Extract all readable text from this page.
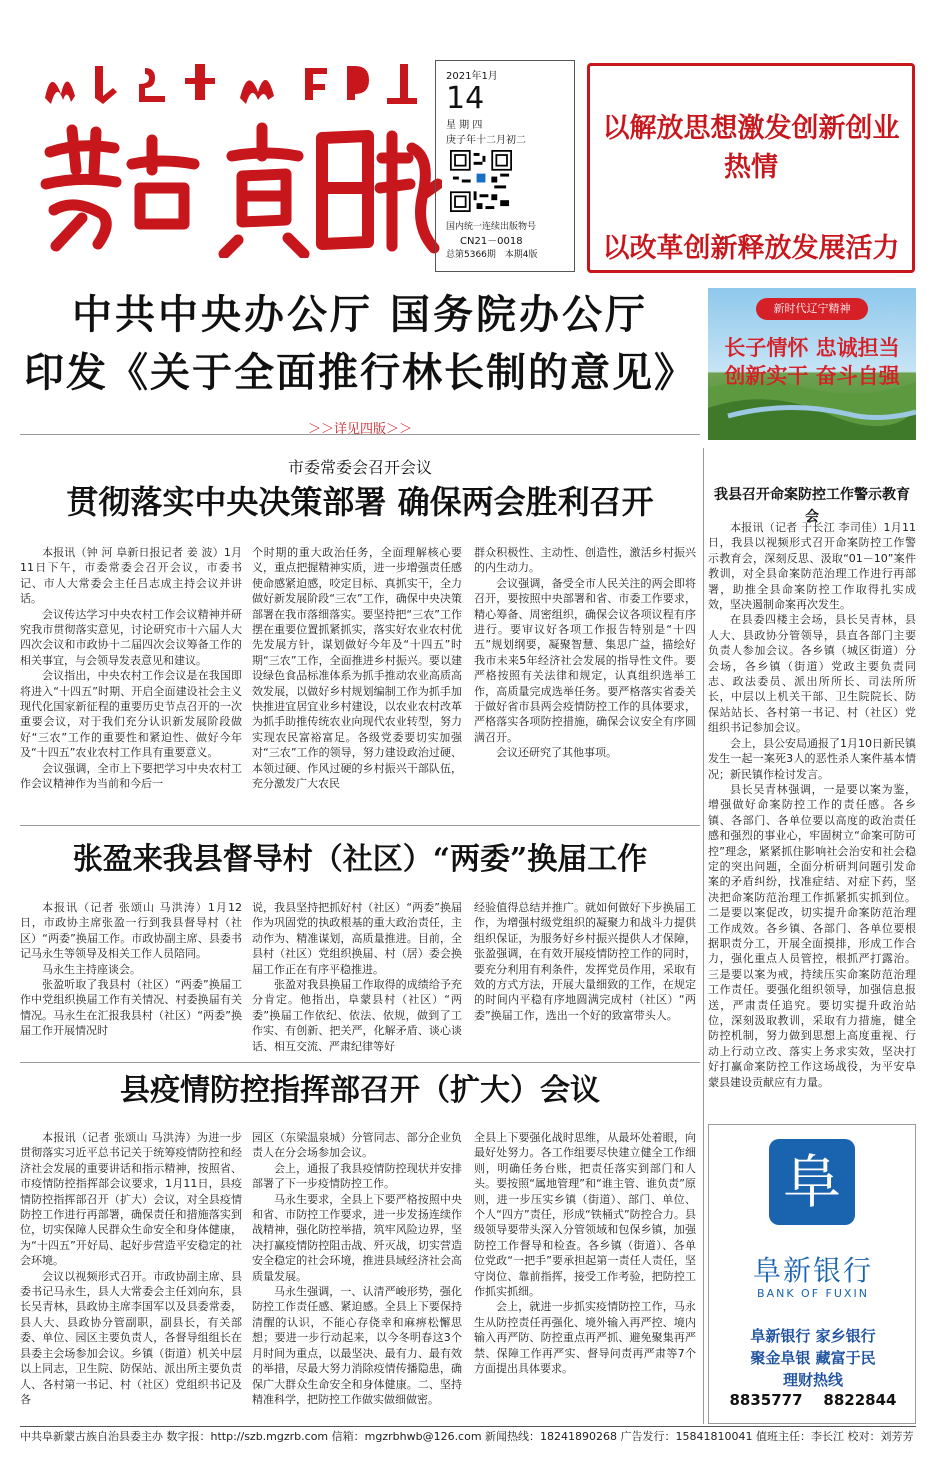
2021年1月
14
星 期 四
庚子年十二月初二
国内统一连续出版物号
CN21－0018
总第5366期 本期4版
以解放思想激发创新创业热情
以改革创新释放发展活力
中共中央办公厅 国务院办公厅
印发《关于全面推行林长制的意见》
＞＞详见四版＞＞
新时代辽宁精神
长子情怀 忠诚担当
创新实干 奋斗自强
市委常委会召开会议
贯彻落实中央决策部署 确保两会胜利召开

本报讯（钟 河 阜新日报记者 姜 波）1月11日下午，市委常委会召开会议，市委书记、市人大常委会主任吕志成主持会议并讲话。

会议传达学习中央农村工作会议精神并研究我市贯彻落实意见，讨论研究市十六届人大四次会议和市政协十二届四次会议筹备工作的相关事宜，与会领导发表意见和建议。

会议指出，中央农村工作会议是在我国即将进入“十四五”时期、开启全面建设社会主义现代化国家新征程的重要历史节点召开的一次重要会议，对于我们充分认识新发展阶段做好“三农”工作的重要性和紧迫性、做好今年及“十四五”农业农村工作具有重要意义。

会议强调，全市上下要把学习中央农村工作会议精神作为当前和今后一

个时期的重大政治任务，全面理解核心要义，重点把握精神实质，进一步增强责任感使命感紧迫感，咬定目标、真抓实干，全力做好新发展阶段“三农”工作，确保中央决策部署在我市落细落实。要坚持把“三农”工作摆在重要位置抓紧抓实，落实好农业农村优先发展方针，谋划做好今年及“十四五”时期“三农”工作，全面推进乡村振兴。要以建设绿色食品标准体系为抓手推动农业高质高效发展，以做好乡村规划编制工作为抓手加快推进宜居宜业乡村建设，以农业农村改革为抓手助推传统农业向现代农业转型，努力实现农民富裕富足。各级党委要切实加强对“三农”工作的领导，努力建设政治过硬、本领过硬、作风过硬的乡村振兴干部队伍，充分激发广大农民

群众积极性、主动性、创造性，激活乡村振兴的内生动力。

会议强调，备受全市人民关注的两会即将召开，要按照中央部署和省、市委工作要求，精心筹备、周密组织，确保会议各项议程有序进行。要审议好各项工作报告特别是“十四五”规划纲要，凝聚智慧、集思广益，描绘好我市未来5年经济社会发展的指导性文件。要严格按照有关法律和规定，认真组织选举工作，高质量完成选举任务。要严格落实省委关于做好省市县两会疫情防控工作的具体要求，严格落实各项防控措施，确保会议安全有序圆满召开。

会议还研究了其他事项。

张盈来我县督导村（社区）“两委”换届工作

本报讯（记者 张颂山 马洪涛）1月12日，市政协主席张盈一行到我县督导村（社区）“两委”换届工作。市政协副主席、县委书记马永生等领导及相关工作人员陪同。

马永生主持座谈会。

张盈听取了我县村（社区）“两委”换届工作中党组织换届工作有关情况、村委换届有关情况。马永生在汇报我县村（社区）“两委”换届工作开展情况时

说，我县坚持把抓好村（社区）“两委”换届作为巩固党的执政根基的重大政治责任，主动作为、精准谋划，高质量推进。目前，全县村（社区）党组织换届、村（居）委会换届工作正在有序平稳推进。

张盈对我县换届工作取得的成绩给予充分肯定。他指出，阜蒙县村（社区）“两委”换届工作依纪、依法、依规，做到了工作实、有创新、把关严，化解矛盾、谈心谈话、相互交流、严肃纪律等好

经验值得总结并推广。就如何做好下步换届工作，为增强村级党组织的凝聚力和战斗力提供组织保证，为服务好乡村振兴提供人才保障，张盈强调，在有效开展疫情防控工作的同时，要充分利用有利条件，发挥党员作用，采取有效的方式方法，开展大量细致的工作，在规定的时间内平稳有序地圆满完成村（社区）“两委”换届工作，选出一个好的致富带头人。

县疫情防控指挥部召开（扩大）会议

本报讯（记者 张颂山 马洪涛）为进一步贯彻落实习近平总书记关于统筹疫情防控和经济社会发展的重要讲话和指示精神，按照省、市疫情防控指挥部会议要求，1月11日，县疫情防控指挥部召开（扩大）会议，对全县疫情防控工作进行再部署，确保责任和措施落实到位，切实保障人民群众生命安全和身体健康，为“十四五”开好局、起好步营造平安稳定的社会环境。

会议以视频形式召开。市政协副主席、县委书记马永生，县人大常委会主任刘向东，县长吴青林，县政协主席李国军以及县委常委，县人大、县政协分管副职，副县长，有关部委、单位、园区主要负责人，各督导组组长在县委主会场参加会议。乡镇（街道）机关中层以上同志，卫生院、防保站、派出所主要负责人、各村第一书记、村（社区）党组织书记及各

园区（东梁温泉城）分管同志、部分企业负责人在分会场参加会议。

会上，通报了我县疫情防控现状并安排部署了下一步疫情防控工作。

马永生要求，全县上下要严格按照中央和省、市防控工作要求，进一步发扬连续作战精神，强化防控举措，筑牢风险边界，坚决打赢疫情防控阻击战、歼灭战，切实营造安全稳定的社会环境，推进县域经济社会高质量发展。

马永生强调，一、认清严峻形势，强化防控工作责任感、紧迫感。全县上下要保持清醒的认识，不能心存侥幸和麻痹松懈思想；要进一步行动起来，以今冬明春这3个月时间为重点，以最坚决、最有力、最有效的举措，尽最大努力消除疫情传播隐患，确保广大群众生命安全和身体健康。二、坚持精准科学，把防控工作做实做细做密。

全县上下要强化战时思维，从最坏处着眼，向最好处努力。各工作组要尽快建立健全工作细则，明确任务台账，把责任落实到部门和人头。要按照“属地管理”和“谁主管、谁负责”原则，进一步压实乡镇（街道）、部门、单位、个人“四方”责任，形成“铁桶式”防控合力。县级领导要带头深入分管领域和包保乡镇，加强防控工作督导和检查。各乡镇（街道）、各单位党政“一把手”要承担起第一责任人责任，坚守岗位、靠前指挥，接受工作考验，把防控工作抓实抓细。

会上，就进一步抓实疫情防控工作，马永生从防控责任再强化、境外输入再严控、境内输入再严防、防控重点再严抓、避免聚集再严禁、保障工作再严实、督导问责再严肃等7个方面提出具体要求。

我县召开命案防控工作警示教育会

本报讯（记者 于长江 李司佳）1月11日，我县以视频形式召开命案防控工作警示教育会，深刻反思、汲取“01－10”案件教训，对全县命案防范治理工作进行再部署，助推全县命案防控工作取得扎实成效，坚决遏制命案再次发生。

在县委四楼主会场，县长吴青林，县人大、县政协分管领导，县直各部门主要负责人参加会议。各乡镇（城区街道）分会场，各乡镇（街道）党政主要负责同志、政法委员、派出所所长、司法所所长，中层以上机关干部、卫生院院长、防保站站长、各村第一书记、村（社区）党组织书记参加会议。

会上，县公安局通报了1月10日新民镇发生一起一案死3人的恶性杀人案件基本情况；新民镇作检讨发言。

县长吴青林强调，一是要以案为鉴，增强做好命案防控工作的责任感。各乡镇、各部门、各单位要以高度的政治责任感和强烈的事业心，牢固树立“命案可防可控”理念，紧紧抓住影响社会治安和社会稳定的突出问题，全面分析研判问题引发命案的矛盾纠纷，找准症结、对症下药，坚决把命案防范治理工作抓紧抓实抓到位。二是要以案促改，切实提升命案防范治理工作成效。各乡镇、各部门、各单位要根据职责分工，开展全面摸排，形成工作合力，强化重点人员管控，根抓严打露治。三是要以案为戒，持续压实命案防范治理工作责任。要强化组织领导，加强信息报送，严肃责任追究。要切实提升政治站位，深刻汲取教训，采取有力措施，健全防控机制，努力做到思想上高度重视、行动上行动立改、落实上务求实效，坚决打好打赢命案防控工作这场战役，为平安阜蒙县建设贡献应有力量。

阜
阜新银行
BANK OF FUXIN
阜新银行 家乡银行
聚金阜银 藏富于民
理财热线
8835777    8822844
中共阜新蒙古族自治县委主办 数字报：http://szb.mgzrb.com 信箱：mgzrbhwb@126.com 新闻热线：18241890268 广告发行：15841810041 值班主任：李长江 校对：刘芳芳
